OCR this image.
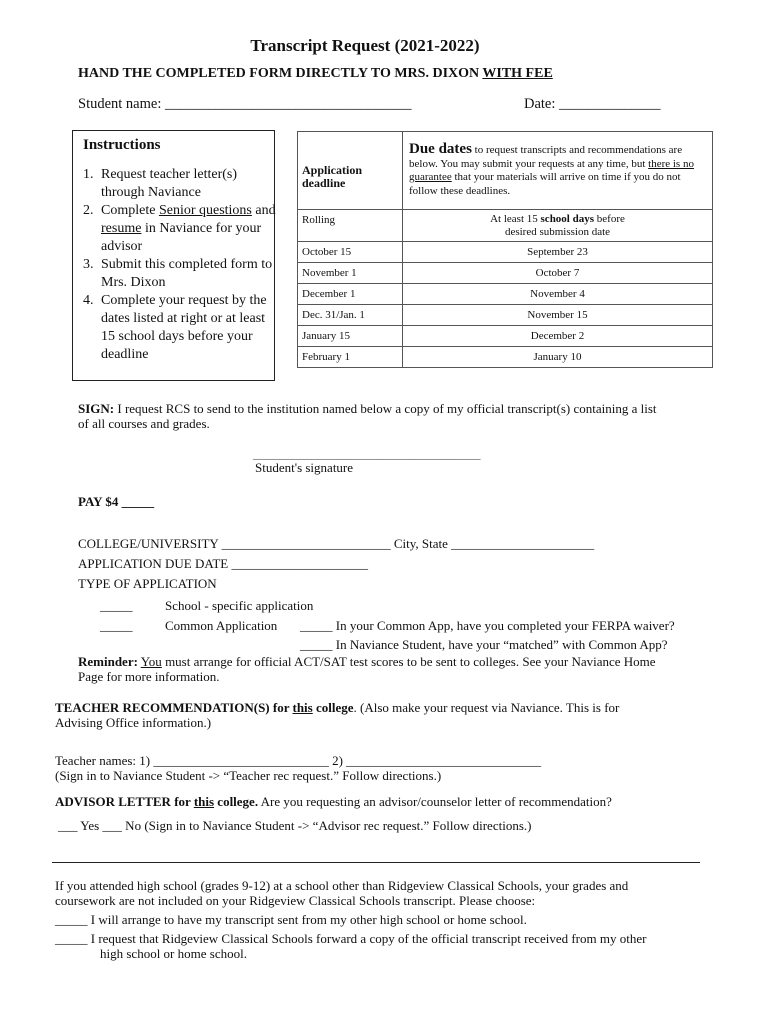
Transcript Request (2021-2022)
HAND THE COMPLETED FORM DIRECTLY TO MRS. DIXON WITH FEE
Student name: __________________________________	Date: ______________
Instructions
1. Request teacher letter(s) through Naviance
2. Complete Senior questions and resume in Naviance for your advisor
3. Submit this completed form to Mrs. Dixon
4. Complete your request by the dates listed at right or at least 15 school days before your deadline
Application deadline	Due dates to request transcripts and recommendations are below. You may submit your requests at any time, but there is no guarantee that your materials will arrive on time if you do not follow these deadlines.
Rolling	At least 15 school days before
desired submission date
October 15	September 23
November 1	October 7
December 1	November 4
Dec. 31/Jan. 1	November 15
January 15	December 2
February 1	January 10
SIGN: I request RCS to send to the institution named below a copy of my official transcript(s) containing a list
of all courses and grades.
___________________________________
Student's signature
PAY $4 _____
COLLEGE/UNIVERSITY __________________________ City, State ______________________
APPLICATION DUE DATE _____________________
TYPE OF APPLICATION
_____	School - specific application
_____	Common Application _____ In your Common App, have you completed your FERPA waiver?
_____ In Naviance Student, have your “matched” with Common App?
Reminder: You must arrange for official ACT/SAT test scores to be sent to colleges. See your Naviance Home
Page for more information.
TEACHER RECOMMENDATION(S) for this college. (Also make your request via Naviance. This is for
Advising Office information.)
Teacher names: 1) ___________________________ 2) ______________________________
(Sign in to Naviance Student -> “Teacher rec request.” Follow directions.)
ADVISOR LETTER for this college. Are you requesting an advisor/counselor letter of recommendation?
___ Yes ___ No (Sign in to Naviance Student -> “Advisor rec request.” Follow directions.)
If you attended high school (grades 9-12) at a school other than Ridgeview Classical Schools, your grades and
coursework are not included on your Ridgeview Classical Schools transcript. Please choose:
_____ I will arrange to have my transcript sent from my other high school or home school.
_____ I request that Ridgeview Classical Schools forward a copy of the official transcript received from my other
high school or home school.
